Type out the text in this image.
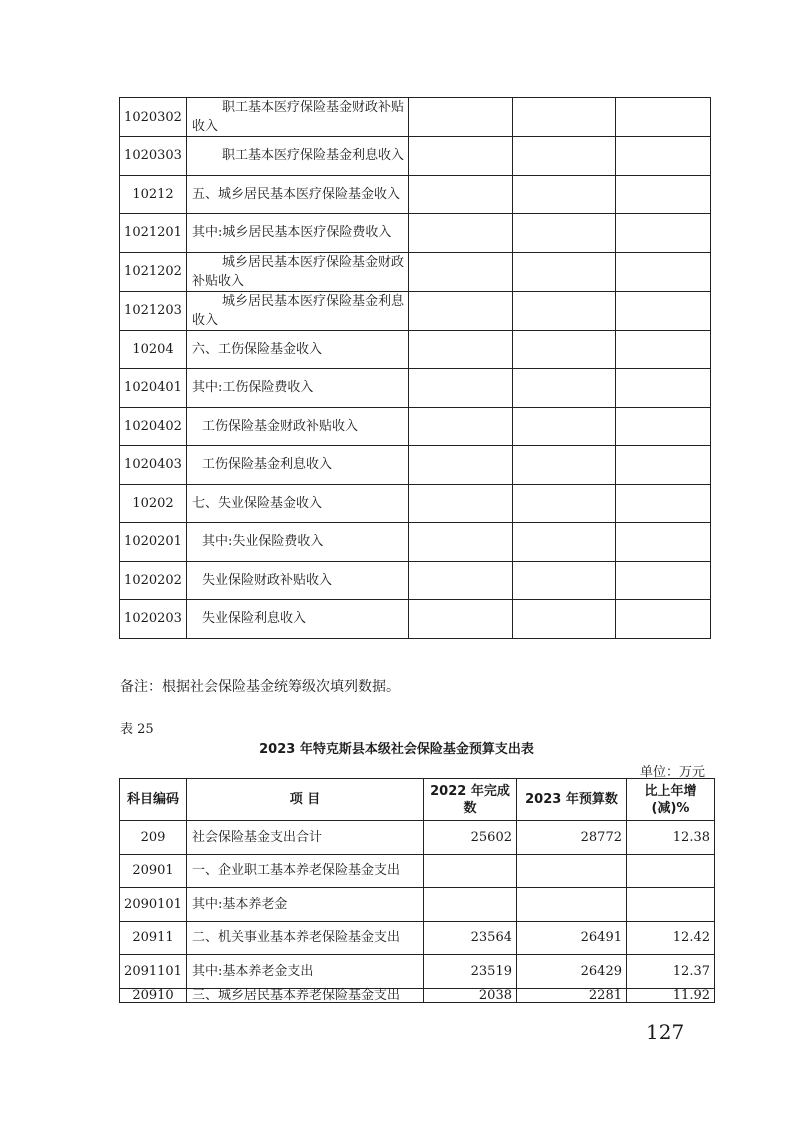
1020302	职工基本医疗保险基金财政补贴收入			

1020303	职工基本医疗保险基金利息收入			

10212	五、城乡居民基本医疗保险基金收入			
1021201	其中:城乡居民基本医疗保险费收入			
1021202	城乡居民基本医疗保险基金财政补贴收入			

1021203	城乡居民基本医疗保险基金利息收入			

10204	六、工伤保险基金收入			
1020401	其中:工伤保险费收入			
1020402	工伤保险基金财政补贴收入			
1020403	工伤保险基金利息收入			
10202	七、失业保险基金收入			
1020201	其中:失业保险费收入			
1020202	失业保险财政补贴收入			
1020203	失业保险利息收入			
备注：根据社会保险基金统筹级次填列数据。
表 25
2023 年特克斯县本级社会保险基金预算支出表
单位：万元
科目编码	项 目	2022 年完成数	2023 年预算数	比上年增(减)%
209	社会保险基金支出合计	25602	28772	12.38
20901	一、企业职工基本养老保险基金支出			
2090101	其中:基本养老金			
20911	二、机关事业基本养老保险基金支出	23564	26491	12.42
2091101	其中:基本养老金支出	23519	26429	12.37
20910	三、城乡居民基本养老保险基金支出	2038	2281	11.92
127
